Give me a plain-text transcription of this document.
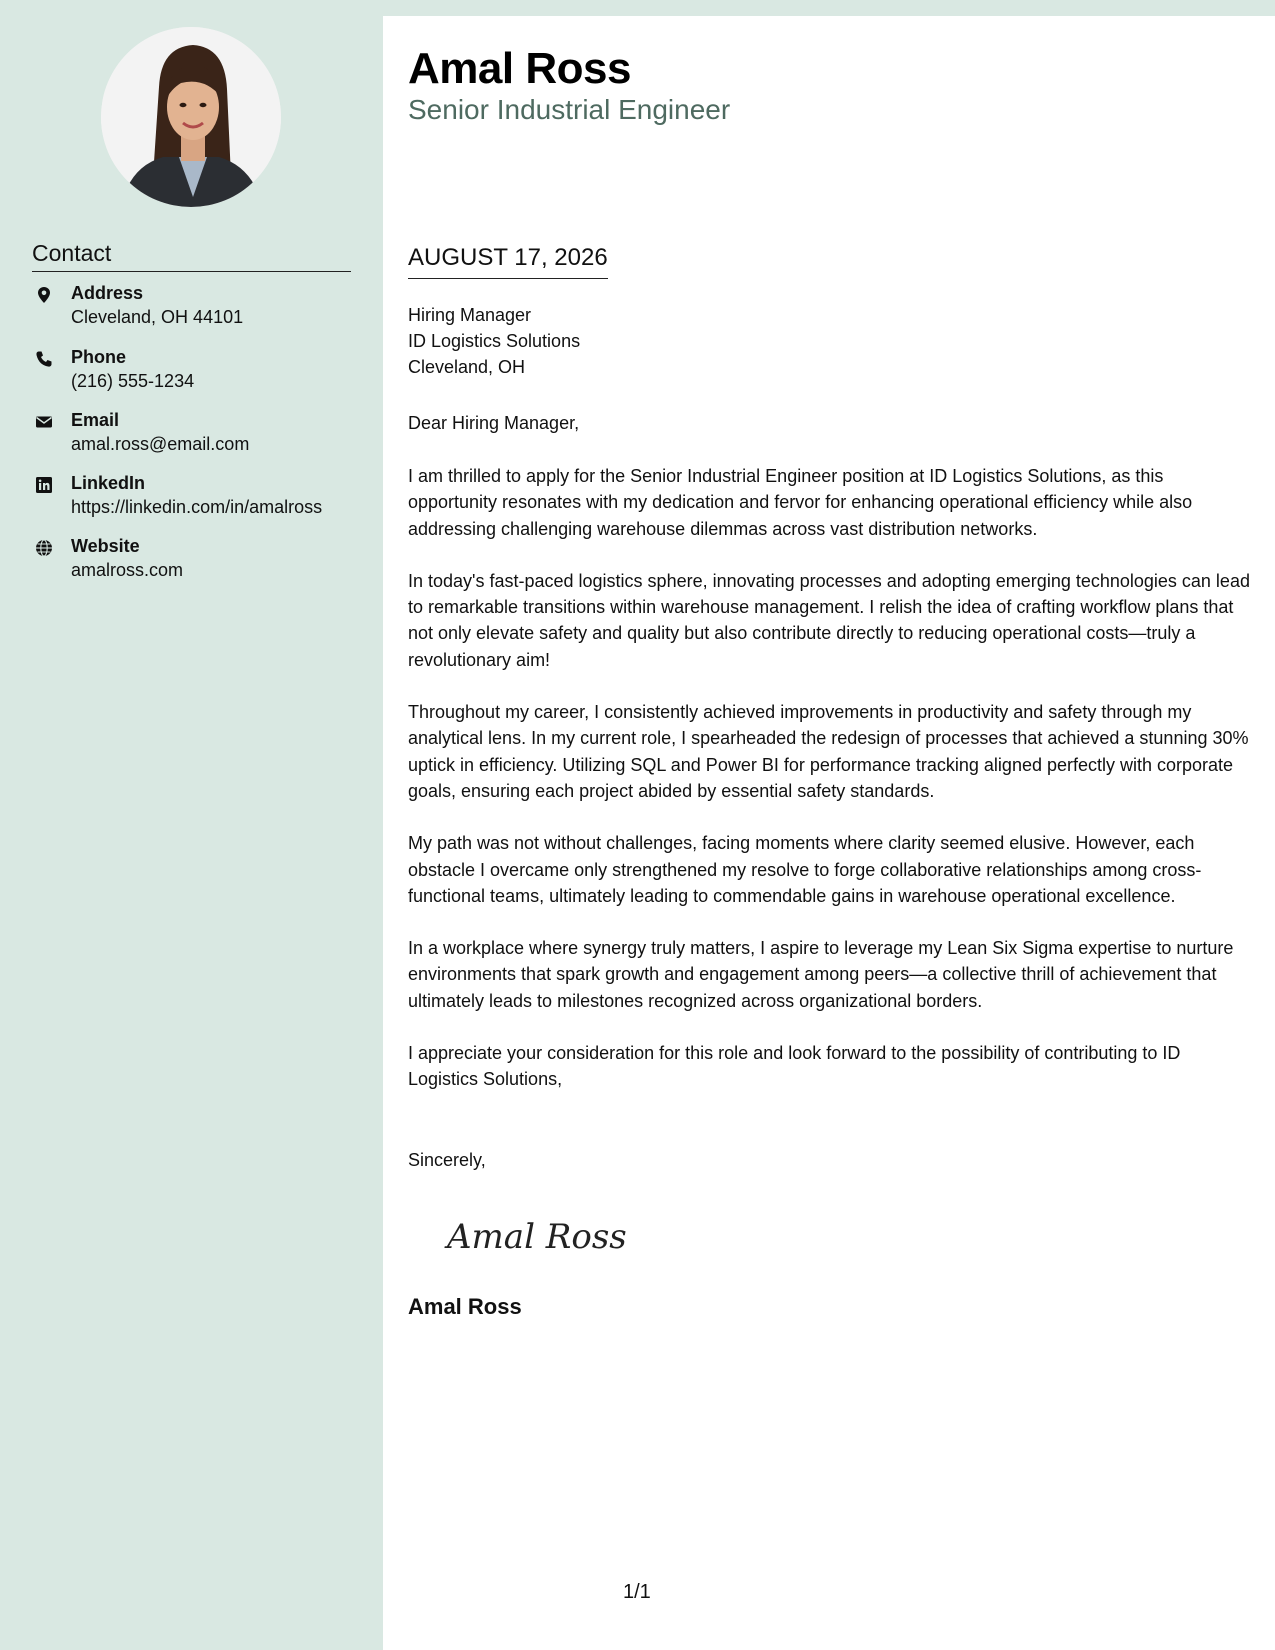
Contact
Address
Cleveland, OH 44101
Phone
(216) 555-1234
Email
amal.ross@email.com
LinkedIn
https://linkedin.com/in/amalross
Website
amalross.com
Amal Ross
Senior Industrial Engineer
AUGUST 17, 2026
Hiring Manager
ID Logistics Solutions
Cleveland, OH
Dear Hiring Manager,

I am thrilled to apply for the Senior Industrial Engineer position at ID Logistics Solutions, as this opportunity resonates with my dedication and fervor for enhancing operational efficiency while also addressing challenging warehouse dilemmas across vast distribution networks.

In today's fast-paced logistics sphere, innovating processes and adopting emerging technologies can lead to remarkable transitions within warehouse management. I relish the idea of crafting workflow plans that not only elevate safety and quality but also contribute directly to reducing operational costs—truly a revolutionary aim!

Throughout my career, I consistently achieved improvements in productivity and safety through my analytical lens. In my current role, I spearheaded the redesign of processes that achieved a stunning 30% uptick in efficiency. Utilizing SQL and Power BI for performance tracking aligned perfectly with corporate goals, ensuring each project abided by essential safety standards.

My path was not without challenges, facing moments where clarity seemed elusive. However, each obstacle I overcame only strengthened my resolve to forge collaborative relationships among cross-functional teams, ultimately leading to commendable gains in warehouse operational excellence.

In a workplace where synergy truly matters, I aspire to leverage my Lean Six Sigma expertise to nurture environments that spark growth and engagement among peers—a collective thrill of achievement that ultimately leads to milestones recognized across organizational borders.

I appreciate your consideration for this role and look forward to the possibility of contributing to ID Logistics Solutions,

Sincerely,
Amal Ross
Amal Ross
1/1
